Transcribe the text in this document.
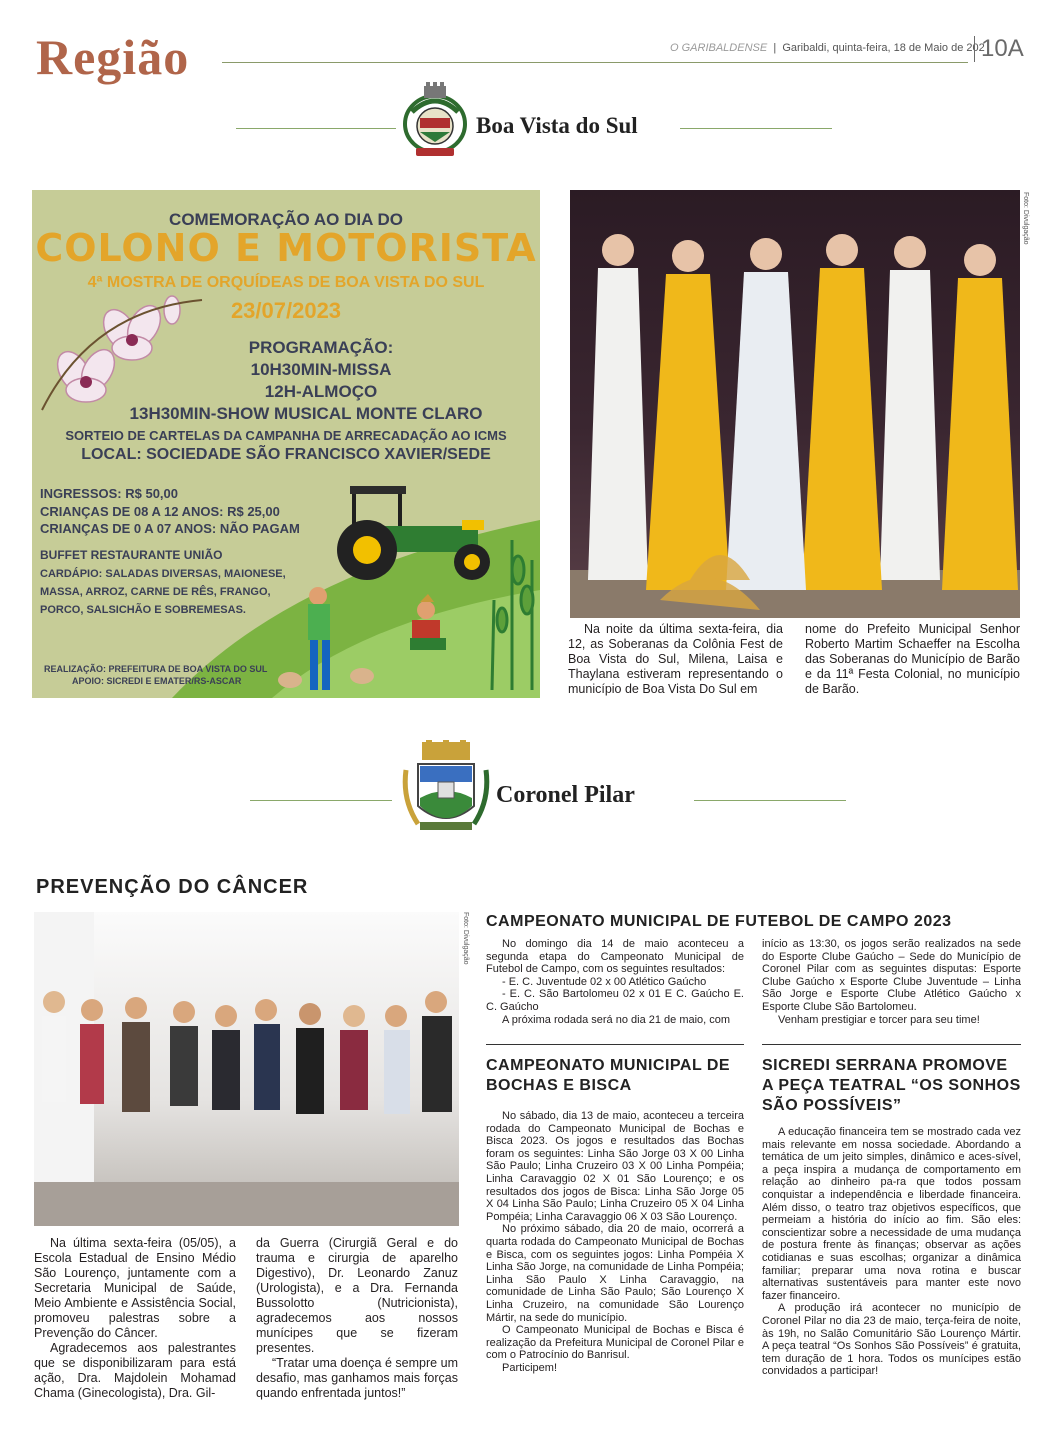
Região	O GARIBALDENSE  |  Garibaldi, quinta-feira, 18 de Maio de 202
10A
Boa Vista do Sul
COMEMORAÇÃO AO DIA DO
COLONO E MOTORISTA
4ª MOSTRA DE ORQUÍDEAS DE BOA VISTA DO SUL
23/07/2023
PROGRAMAÇÃO:
10H30MIN-MISSA
12H-ALMOÇO
13H30MIN-SHOW MUSICAL MONTE CLARO
SORTEIO DE CARTELAS DA CAMPANHA DE ARRECADAÇÃO AO ICMS
LOCAL: SOCIEDADE SÃO FRANCISCO XAVIER/SEDE
INGRESSOS: R$ 50,00
CRIANÇAS DE 08 A 12 ANOS: R$ 25,00
CRIANÇAS DE 0 A 07 ANOS: NÃO PAGAM
BUFFET RESTAURANTE UNIÃO
CARDÁPIO: SALADAS DIVERSAS, MAIONESE,
MASSA, ARROZ, CARNE DE RÊS, FRANGO,
PORCO, SALSICHÃO E SOBREMESAS.
REALIZAÇÃO: PREFEITURA DE BOA VISTA DO SUL
APOIO: SICREDI E EMATER/RS-ASCAR
Foto: Divulgação

Na noite da última sexta-feira, dia 12, as Soberanas da Colônia Fest de Boa Vista do Sul, Milena, Laisa e Thaylana estiveram representando o município de Boa Vista Do Sul em

nome do Prefeito Municipal Senhor Roberto Martim Schaeffer na Escolha das Soberanas do Município de Barão e da 11ª Festa Colonial, no município de Barão.

Coronel Pilar
PREVENÇÃO DO CÂNCER
Foto: Divulgação

Na última sexta-feira (05/05), a Escola Estadual de Ensino Médio São Lourenço, juntamente com a Secretaria Municipal de Saúde, Meio Ambiente e Assistência Social, promoveu palestras sobre a Prevenção do Câncer.

Agradecemos aos palestrantes que se disponibilizaram para está ação, Dra. Majdolein Mohamad Chama (Ginecologista), Dra. Gil-

da Guerra (Cirurgiã Geral e do trauma e cirurgia de aparelho Digestivo), Dr. Leonardo Zanuz (Urologista), e a Dra. Fernanda Bussolotto (Nutricionista), agradecemos aos nossos munícipes que se fizeram presentes.

“Tratar uma doença é sempre um desafio, mas ganhamos mais forças quando enfrentada juntos!”

CAMPEONATO MUNICIPAL DE FUTEBOL DE CAMPO 2023

No domingo dia 14 de maio aconteceu a segunda etapa do Campeonato Municipal de Futebol de Campo, com os seguintes resultados:

- E. C. Juventude 02 x 00 Atlético Gaúcho

- E. C. São Bartolomeu 02 x 01 E C. Gaúcho E. C. Gaúcho

A próxima rodada será no dia 21 de maio, com

início as 13:30, os jogos serão realizados na sede do Esporte Clube Gaúcho – Sede do Município de Coronel Pilar com as seguintes disputas: Esporte Clube Gaúcho x Esporte Clube Juventude – Linha São Jorge e Esporte Clube Atlético Gaúcho x Esporte Clube São Bartolomeu.

Venham prestigiar e torcer para seu time!

CAMPEONATO MUNICIPAL DE
BOCHAS E BISCA

No sábado, dia 13 de maio, aconteceu a terceira rodada do Campeonato Municipal de Bochas e Bisca 2023. Os jogos e resultados das Bochas foram os seguintes: Linha São Jorge 03 X 00 Linha São Paulo; Linha Cruzeiro 03 X 00 Linha Pompéia; Linha Caravaggio 02 X 01 São Lourenço; e os resultados dos jogos de Bisca: Linha São Jorge 05 X 04 Linha São Paulo; Linha Cruzeiro 05 X 04 Linha Pompéia; Linha Caravaggio 06 X 03 São Lourenço.

No próximo sábado, dia 20 de maio, ocorrerá a quarta rodada do Campeonato Municipal de Bochas e Bisca, com os seguintes jogos: Linha Pompéia X Linha São Jorge, na comunidade de Linha Pompéia; Linha São Paulo X Linha Caravaggio, na comunidade de Linha São Paulo; São Lourenço X Linha Cruzeiro, na comunidade São Lourenço Mártir, na sede do município.

O Campeonato Municipal de Bochas e Bisca é realização da Prefeitura Municipal de Coronel Pilar e com o Patrocínio do Banrisul.

Participem!

SICREDI SERRANA PROMOVE
A PEÇA TEATRAL “OS SONHOS
SÃO POSSÍVEIS”

A educação financeira tem se mostrado cada vez mais relevante em nossa sociedade. Abordando a temática de um jeito simples, dinâmico e aces-sível, a peça inspira a mudança de comportamento em relação ao dinheiro pa-ra que todos possam conquistar a independência e liberdade financeira. Além disso, o teatro traz objetivos específicos, que permeiam a história do início ao fim. São eles: conscientizar sobre a necessidade de uma mudança de postura frente às finanças; observar as ações cotidianas e suas escolhas; organizar a dinâmica familiar; preparar uma nova rotina e buscar alternativas sustentáveis para manter este novo fazer financeiro.

A produção irá acontecer no município de Coronel Pilar no dia 23 de maio, terça-feira de noite, às 19h, no Salão Comunitário São Lourenço Mártir. A peça teatral “Os Sonhos São Possíveis” é gratuita, tem duração de 1 hora. Todos os munícipes estão convidados a participar!
